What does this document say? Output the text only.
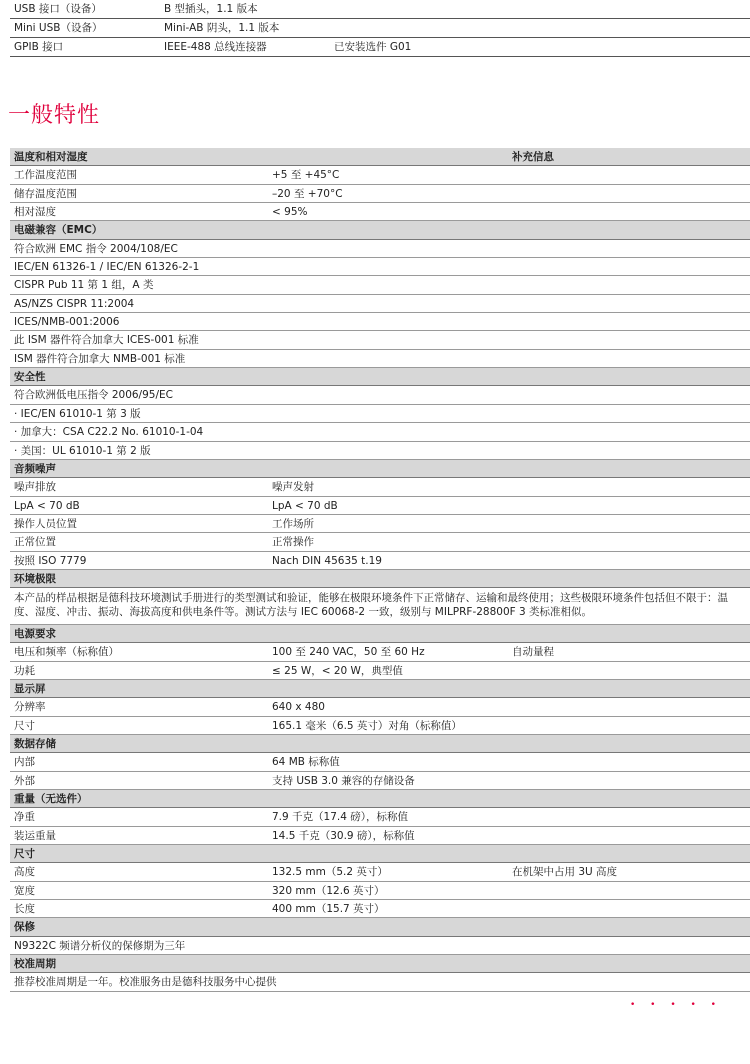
USB 接口（设备）	B 型插头，1.1 版本
Mini USB（设备）	Mini-AB 阴头，1.1 版本
GPIB 接口	IEEE-488 总线连接器	已安装选件 G01
一般特性
温度和相对湿度	补充信息
工作温度范围	+5 至 +45°C
储存温度范围	–20 至 +70°C
相对湿度	< 95%
电磁兼容（EMC）
符合欧洲 EMC 指令 2004/108/EC
IEC/EN 61326-1 / IEC/EN 61326-2-1
CISPR Pub 11 第 1 组，A 类
AS/NZS CISPR 11:2004
ICES/NMB-001:2006
此 ISM 器件符合加拿大 ICES-001 标准
ISM 器件符合加拿大 NMB-001 标准
安全性
符合欧洲低电压指令 2006/95/EC
· IEC/EN 61010-1 第 3 版
· 加拿大：CSA C22.2 No. 61010-1-04
· 美国：UL 61010-1 第 2 版
音频噪声
噪声排放	噪声发射
LpA < 70 dB	LpA < 70 dB
操作人员位置	工作场所
正常位置	正常操作
按照 ISO 7779	Nach DIN 45635 t.19
环境极限
本产品的样品根据是德科技环境测试手册进行的类型测试和验证，能够在极限环境条件下正常储存、运输和最终使用；这些极限环境条件包括但不限于：温度、湿度、冲击、振动、海拔高度和供电条件等。测试方法与 IEC 60068-2 一致，级别与 MILPRF-28800F 3 类标准相似。
电源要求
电压和频率（标称值）	100 至 240 VAC，50 至 60 Hz	自动量程
功耗	≤ 25 W，< 20 W，典型值
显示屏
分辨率	640 x 480
尺寸	165.1 毫米（6.5 英寸）对角（标称值）
数据存储
内部	64 MB 标称值
外部	支持 USB 3.0 兼容的存储设备
重量（无选件）
净重	7.9 千克（17.4 磅），标称值
装运重量	14.5 千克（30.9 磅），标称值
尺寸
高度	132.5 mm（5.2 英寸）	在机架中占用 3U 高度
宽度	320 mm（12.6 英寸）
长度	400 mm（15.7 英寸）
保修
N9322C 频谱分析仪的保修期为三年
校准周期
推荐校准周期是一年。校准服务由是德科技服务中心提供
• • • • •
